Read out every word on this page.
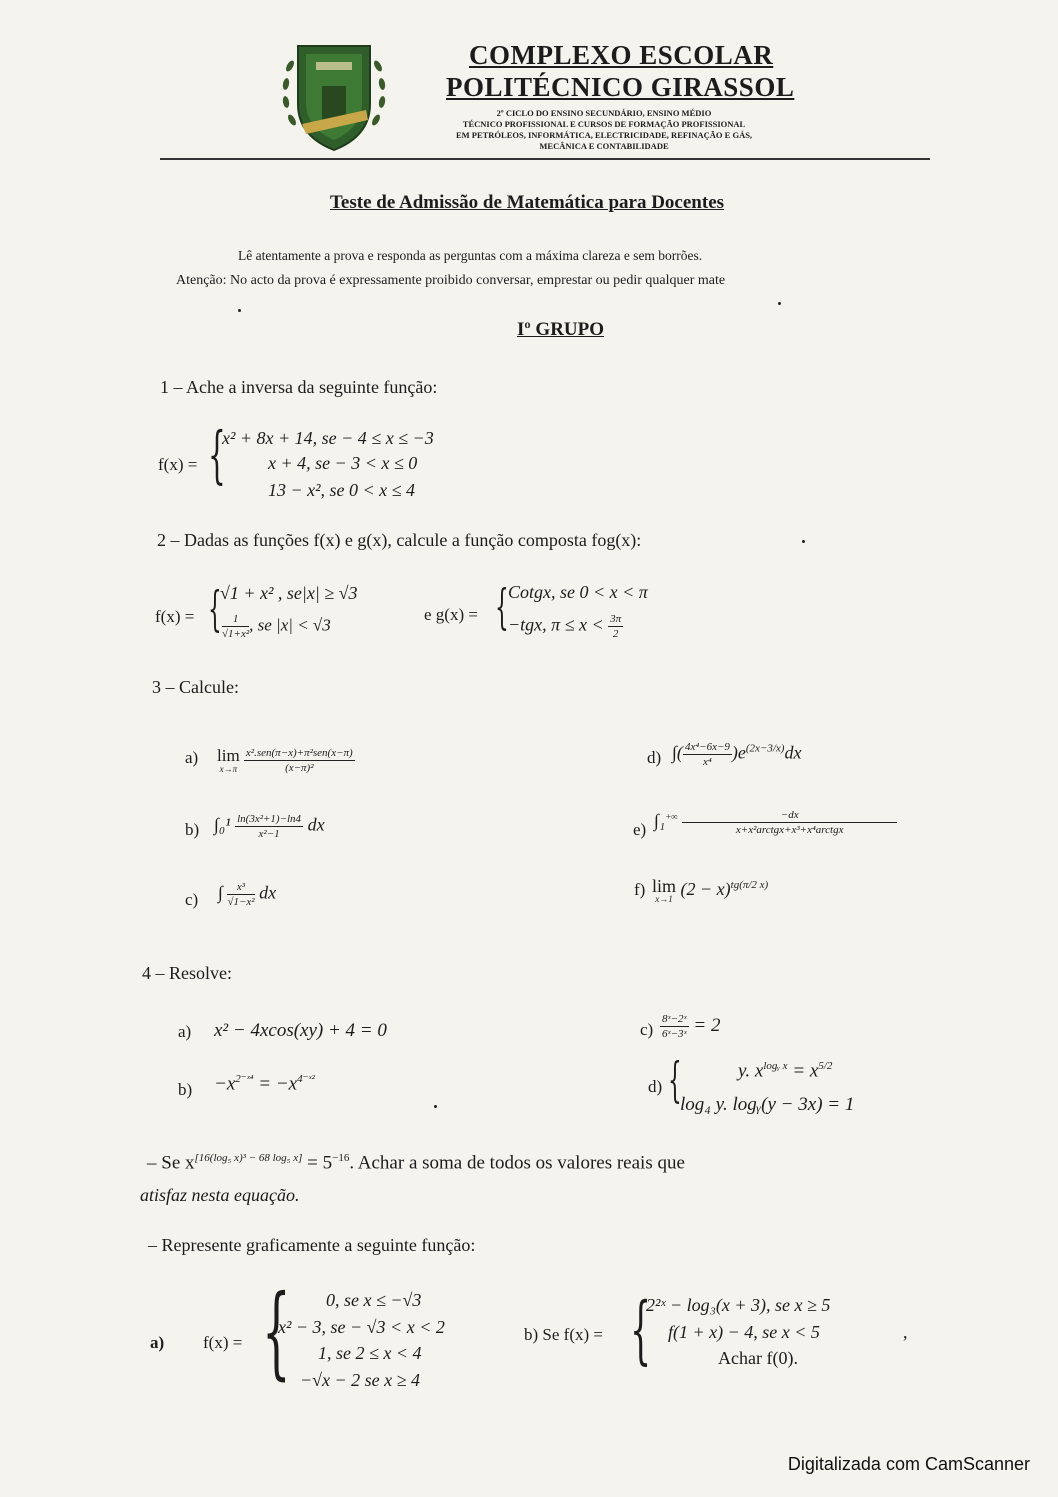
COMPLEXO ESCOLAR
POLITÉCNICO GIRASSOL
2º CICLO DO ENSINO SECUNDÁRIO, ENSINO MÉDIO
TÉCNICO PROFISSIONAL E CURSOS DE FORMAÇÃO PROFISSIONAL
EM PETRÓLEOS, INFORMÁTICA, ELECTRICIDADE, REFINAÇÃO E GÁS,
MECÂNICA E CONTABILIDADE
Teste de Admissão de Matemática para Docentes
Lê atentamente a prova e responda as perguntas com a máxima clareza e sem borrões.
Atenção: No acto da prova é expressamente proibido conversar, emprestar ou pedir qualquer mate
Iº GRUPO
1 – Ache a inversa da seguinte função:
f(x) = {
x² + 8x + 14, se − 4 ≤ x ≤ −3
x + 4, se − 3 < x ≤ 0
13 − x², se 0 < x ≤ 4
2 – Dadas as funções f(x) e g(x), calcule a função composta fog(x):
f(x) = {
√1 + x² , se|x| ≥ √3
$\frac{1}{\text{√1+x²}}$ , se |x| < √3
e g(x) = { Cotgx, se 0 < x < π
−tgx, $\pi \le x < \frac{3\pi}{2}$
3 – Calcule:
a) lim
x→π
$\frac{\text{x².sen(π−x)+π²sen(x−π)}}{\text{(x−π)²}}$
b) $\int_0^1 \frac{\text{ln(3x²+1)−ln4}}{\text{x²−1}}$ dx
c) ∫ $\frac{\text{x³}}{\text{√1−x²}}$ dx
d) ∫( $\frac{\text{4x⁴−6x−9}}{\text{x⁴}} )e^{(2x-3/x)}dx$
e) $\int_1^{+\infty} \frac{-dx}{\text{x+x²arctgx+x³+x⁴arctgx}}$
f) lim
x→1 $(2 - x)^{tg(\pi/2 x)}$
4 – Resolve:
a) x² − 4xcos(xy) + 4 = 0
$b) -x^{2^-ˣ^4} = -x^{4^-ˣ^2}$
$c) \frac{\text{8ˣ−2ˣ}}{\text{6ˣ−3ˣ}} = 2$
d) {	y. $x^{logᵧ x} = x^{5/2}$
log₄ y. logᵧ(y − 3x) = 1
– Se $x[16(\log_5 x)^3 - 68 \log_5 x] = 5^{-16}$. Achar a soma de todos os valores reais que
atisfaz nesta equação.
– Represente graficamente a seguinte função:
a) f(x) = { 0, se x ≤ −√3
x² − 3, se − √3 < x < 2
1, se 2 ≤ x < 4
−√x − 2 se x ≥ 4
b) Se f(x) = {
2²ˣ − log₃(x + 3), se x ≥ 5
f(1 + x) − 4, se x < 5	,
Achar f(0).
Digitalizada com CamScanner
